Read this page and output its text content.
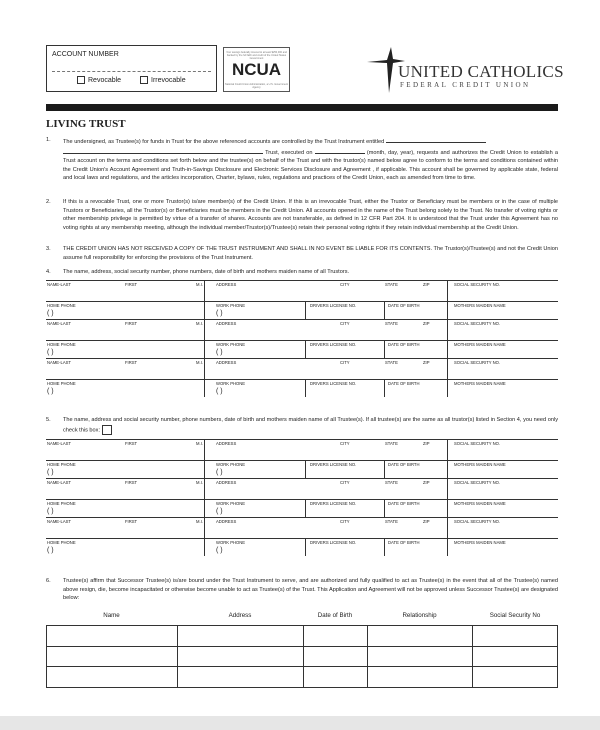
ACCOUNT NUMBER
Revocable	Irrevocable
Your savings federally insured to at least $250,000 and backed by the full faith and credit of the United States Government
NCUA
National Credit Union Administration, a U.S. Government Agency
UNITED CATHOLICS
FEDERAL CREDIT UNION
LIVING TRUST
1. The undersigned, as Trustee(s) for funds in Trust for the above referenced accounts are controlled by the Trust Instrument entitled
Trust, executed on	(month, day, year), requests and authorizes the Credit Union to establish a Trust account on the terms and conditions set forth below and the trustee(s) on behalf of the Trust and with the trustor(s) named below agree to conform to the terms and conditions contained within the Credit Union's Account Agreement and Truth-in-Savings Disclosure and Electronic Services Disclosure and Agreement , if applicable. This account shall be governed by applicable state, federal and local laws and regulations, and the articles incorporation, Charter, bylaws, rules, regulations and practices of the Credit Union, each as amended from time to time.
2. If this is a revocable Trust, one or more Trustor(s) is/are member(s) of the Credit Union. If this is an irrevocable Trust, either the Trustor or Beneficiary must be members or in the case of multiple Trustors or Beneficiaries, all the Trustor(s) or Beneficiaries must be members in the Credit Union. All accounts opened in the name of the Trust belong solely to the Trust. No transfer of voting rights or other membership privilege is permitted by virtue of a transfer of shares. Accounts are not transferable, as defined in 12 CFR Part 204. It is understood that the Trust under this Agreement has no voting rights at any membership meeting, although the individual member/Trustor(s)/Trustee(s) retain their personal voting rights if they retain individual membership at the Credit Union.
3. THE CREDIT UNION HAS NOT RECEIVED A COPY OF THE TRUST INSTRUMENT AND SHALL IN NO EVENT BE LIABLE FOR ITS CONTENTS. The Trustor(s)/Trustee(s) and not the Credit Union assume full responsibility for enforcing the provisions of the Trust Instrument.
4. The name, address, social security number, phone numbers, date of birth and mothers maiden name of all Trustors.
NAME-LAST	FIRST	M.I.	ADDRESS	CITY	STATE	ZIP	SOCIAL SECURITY NO.
HOME PHONE	WORK PHONE	DRIVERS LICENSE NO.	DATE OF BIRTH	MOTHERS MAIDEN NAME
( )	( )
NAME-LAST	FIRST	M.I.	ADDRESS	CITY	STATE	ZIP	SOCIAL SECURITY NO.
HOME PHONE	WORK PHONE	DRIVERS LICENSE NO.	DATE OF BIRTH	MOTHERS MAIDEN NAME
( )	( )
NAME-LAST	FIRST	M.I.	ADDRESS	CITY	STATE	ZIP	SOCIAL SECURITY NO.
HOME PHONE	WORK PHONE	DRIVERS LICENSE NO.	DATE OF BIRTH	MOTHERS MAIDEN NAME
( )	( )
5. The name, address and social security number, phone numbers, date of birth and mothers maiden name of all Trustee(s). If all trustee(s) are the same as all trustor(s) listed in Section 4, you need only check this box:
NAME-LAST	FIRST	M.I.	ADDRESS	CITY	STATE	ZIP	SOCIAL SECURITY NO.
HOME PHONE	WORK PHONE	DRIVERS LICENSE NO.	DATE OF BIRTH	MOTHERS MAIDEN NAME
( )	( )
NAME-LAST	FIRST	M.I.	ADDRESS	CITY	STATE	ZIP	SOCIAL SECURITY NO.
HOME PHONE	WORK PHONE	DRIVERS LICENSE NO.	DATE OF BIRTH	MOTHERS MAIDEN NAME
( )	( )
NAME-LAST	FIRST	M.I.	ADDRESS	CITY	STATE	ZIP	SOCIAL SECURITY NO.
HOME PHONE	WORK PHONE	DRIVERS LICENSE NO.	DATE OF BIRTH	MOTHERS MAIDEN NAME
( )	( )
6. Trustee(s) affirm that Successor Trustee(s) is/are bound under the Trust Instrument to serve, and are authorized and fully qualified to act as Trustee(s) in the event that all of the Trustee(s) named above resign, die, become incapacitated or otherwise become unable to act as Trustee(s) of the Trust. This Application and Agreement will not be approved unless Successor Trustee(s) are designated below:
Name	Address	Date of Birth	Relationship	Social Security No
